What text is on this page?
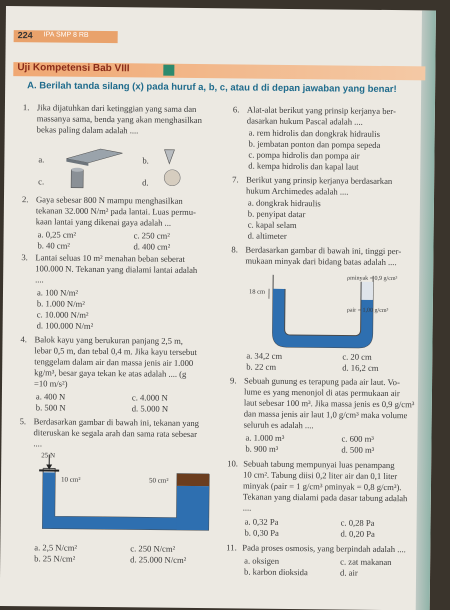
224 IPA SMP 8 RB
Uji Kompetensi Bab VIII
A. Berilah tanda silang (x) pada huruf a, b, c, atau d di depan jawaban yang benar!
1. Jika dijatuhkan dari ketinggian yang sama dan
massanya sama, benda yang akan menghasilkan
bekas paling dalam adalah ....
a.	b.
c.	d.
2. Gaya sebesar 800 N mampu menghasilkan
tekanan 32.000 N/m² pada lantai. Luas permu-
kaan lantai yang dikenai gaya adalah ...
a. 0,25 cm²	c. 250 cm²
b. 40 cm²	d. 400 cm²
3. Lantai seluas 10 m² menahan beban seberat
100.000 N. Tekanan yang dialami lantai adalah
....
a. 100 N/m²
b. 1.000 N/m²
c. 10.000 N/m²
d. 100.000 N/m²
4. Balok kayu yang berukuran panjang 2,5 m,
lebar 0,5 m, dan tebal 0,4 m. Jika kayu tersebut
tenggelam dalam air dan massa jenis air 1.000
kg/m³, besar gaya tekan ke atas adalah .... (g
=10 m/s²)
a. 400 N	c. 4.000 N
b. 500 N	d. 5.000 N
5. Berdasarkan gambar di bawah ini, tekanan yang
diteruskan ke segala arah dan sama rata sebesar
....
25 N
10 cm²	50 cm²
a. 2,5 N/cm²	c. 250 N/cm²
b. 25 N/cm²	d. 25.000 N/cm²
6. Alat-alat berikut yang prinsip kerjanya ber-
dasarkan hukum Pascal adalah ....
a. rem hidrolis dan dongkrak hidraulis
b. jembatan ponton dan pompa sepeda
c. pompa hidrolis dan pompa air
d. kempa hidrolis dan kapal laut
7. Berikut yang prinsip kerjanya berdasarkan
hukum Archimedes adalah ....
a. dongkrak hidraulis
b. penyipat datar
c. kapal selam
d. altimeter
8. Berdasarkan gambar di bawah ini, tinggi per-
mukaan minyak dari bidang batas adalah ....
18 cm
ρminyak = 0,9 g/cm³
ρair = 1,00 g/cm³
a. 34,2 cm	c. 20 cm
b. 22 cm	d. 16,2 cm
9. Sebuah gunung es terapung pada air laut. Vo-
lume es yang menonjol di atas permukaan air
laut sebesar 100 m³. Jika massa jenis es 0,9 g/cm³
dan massa jenis air laut 1,0 g/cm³ maka volume
seluruh es adalah ....
a. 1.000 m³	c. 600 m³
b. 900 m³	d. 500 m³
10. Sebuah tabung mempunyai luas penampang
10 cm². Tabung diisi 0,2 liter air dan 0,1 liter
minyak (ρair = 1 g/cm³ ρminyak = 0,8 g/cm³).
Tekanan yang dialami pada dasar tabung adalah
....
a. 0,32 Pa	c. 0,28 Pa
b. 0,30 Pa	d. 0,20 Pa
11. Pada proses osmosis, yang berpindah adalah ....
a. oksigen	c. zat makanan
b. karbon dioksida	d. air
